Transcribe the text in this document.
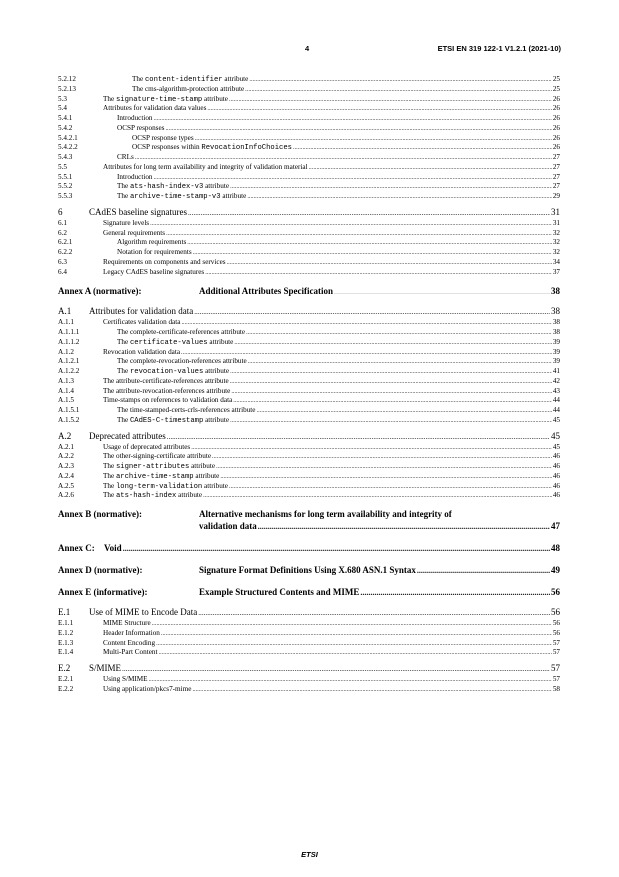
4	ETSI EN 319 122-1 V1.2.1 (2021-10)
5.2.12	The content-identifier attribute .....	25
5.2.13	The cms-algorithm-protection attribute .....	25
5.3	The signature-time-stamp attribute .....	26
5.4	Attributes for validation data values .....	26
5.4.1	Introduction .....	26
5.4.2	OCSP responses .....	26
5.4.2.1	OCSP response types .....	26
5.4.2.2	OCSP responses within RevocationInfoChoices .....	26
5.4.3	CRLs .....	27
5.5	Attributes for long term availability and integrity of validation material .....	27
5.5.1	Introduction .....	27
5.5.2	The ats-hash-index-v3 attribute .....	27
5.5.3	The archive-time-stamp-v3 attribute .....	29
6	CAdES baseline signatures .....	31
6.1	Signature levels .....	31
6.2	General requirements .....	32
6.2.1	Algorithm requirements .....	32
6.2.2	Notation for requirements .....	32
6.3	Requirements on components and services .....	34
6.4	Legacy CAdES baseline signatures .....	37
Annex A (normative):	Additional Attributes Specification .....	38
A.1 Attributes for validation data .....	38
A.1.1	Certificates validation data .....	38
A.1.1.1	The complete-certificate-references attribute .....	38
A.1.1.2	The certificate-values attribute .....	39
A.1.2	Revocation validation data .....	39
A.1.2.1	The complete-revocation-references attribute .....	39
A.1.2.2	The revocation-values attribute .....	41
A.1.3	The attribute-certificate-references attribute .....	42
A.1.4	The attribute-revocation-references attribute .....	43
A.1.5	Time-stamps on references to validation data .....	44
A.1.5.1	The time-stamped-certs-crls-references attribute .....	44
A.1.5.2	The CAdES-C-timestamp attribute .....	45
A.2 Deprecated attributes .....	45
A.2.1	Usage of deprecated attributes .....	45
A.2.2	The other-signing-certificate attribute .....	46
A.2.3	The signer-attributes attribute .....	46
A.2.4	The archive-time-stamp attribute .....	46
A.2.5	The long-term-validation attribute .....	46
A.2.6	The ats-hash-index attribute .....	46
Annex B (normative):	Alternative mechanisms for long term availability and integrity of
validation data .....	47
Annex C: Void .....	48
Annex D (normative):	Signature Format Definitions Using X.680 ASN.1 Syntax .....	49
Annex E (informative):	Example Structured Contents and MIME .....	56
E.1 Use of MIME to Encode Data .....	56
E.1.1	MIME Structure .....	56
E.1.2	Header Information .....	56
E.1.3	Content Encoding .....	57
E.1.4	Multi-Part Content .....	57
E.2 S/MIME .....	57
E.2.1	Using S/MIME .....	57
E.2.2	Using application/pkcs7-mime .....	58
ETSI
